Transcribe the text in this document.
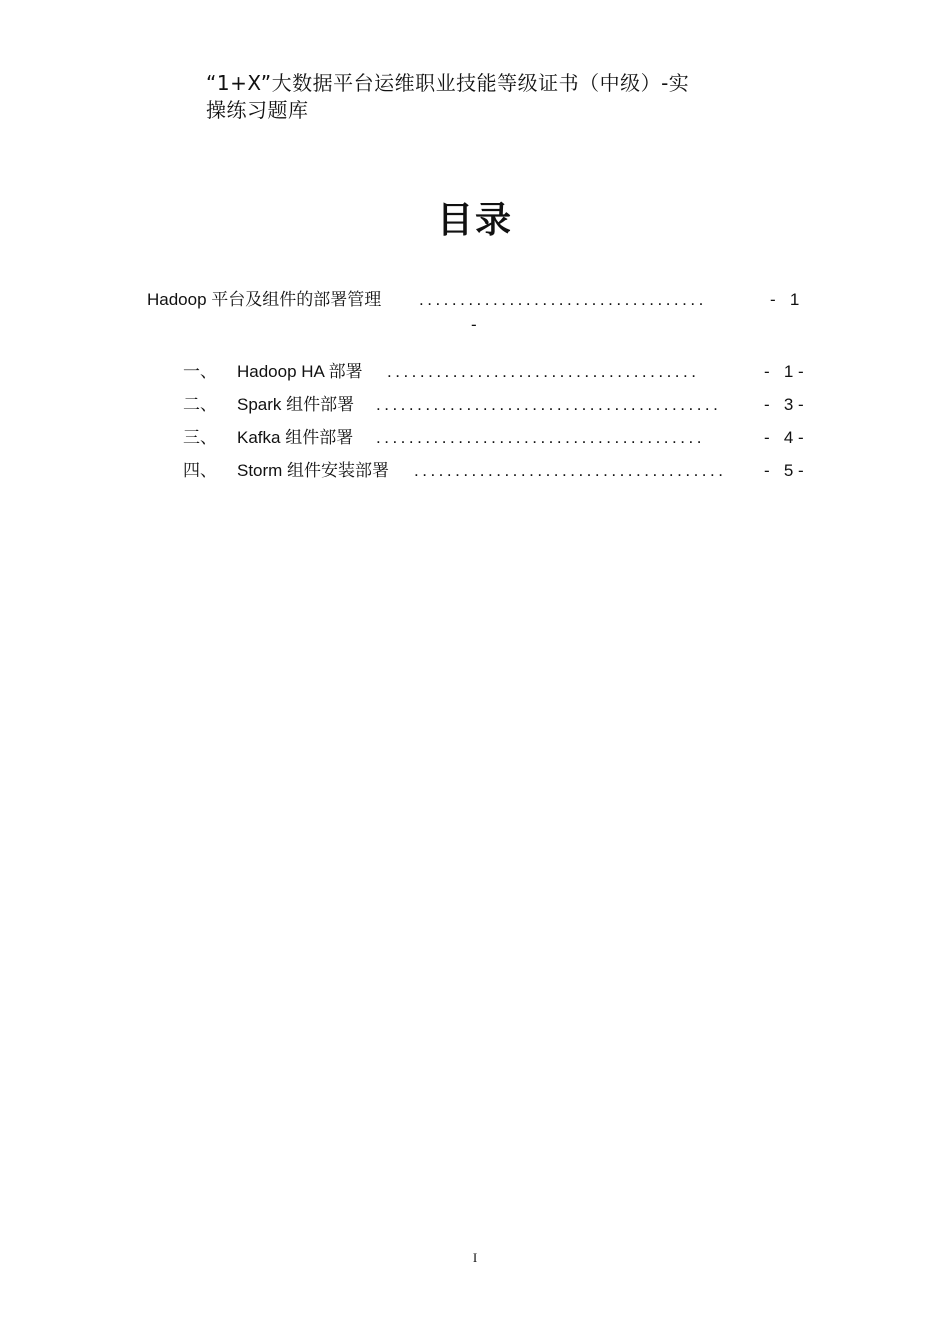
“1+X”大数据平台运维职业技能等级证书（中级）-实
操练习题库
目录
Hadoop 平台及组件的部署管理 ...................................	-   1
-
一、 Hadoop HA 部署 ......................................	-   1 -
二、 Spark 组件部署 ..........................................	-   3 -
三、 Kafka 组件部署 ........................................	-   4 -
四、 Storm 组件安装部署 ......................................	-   5 -
I
